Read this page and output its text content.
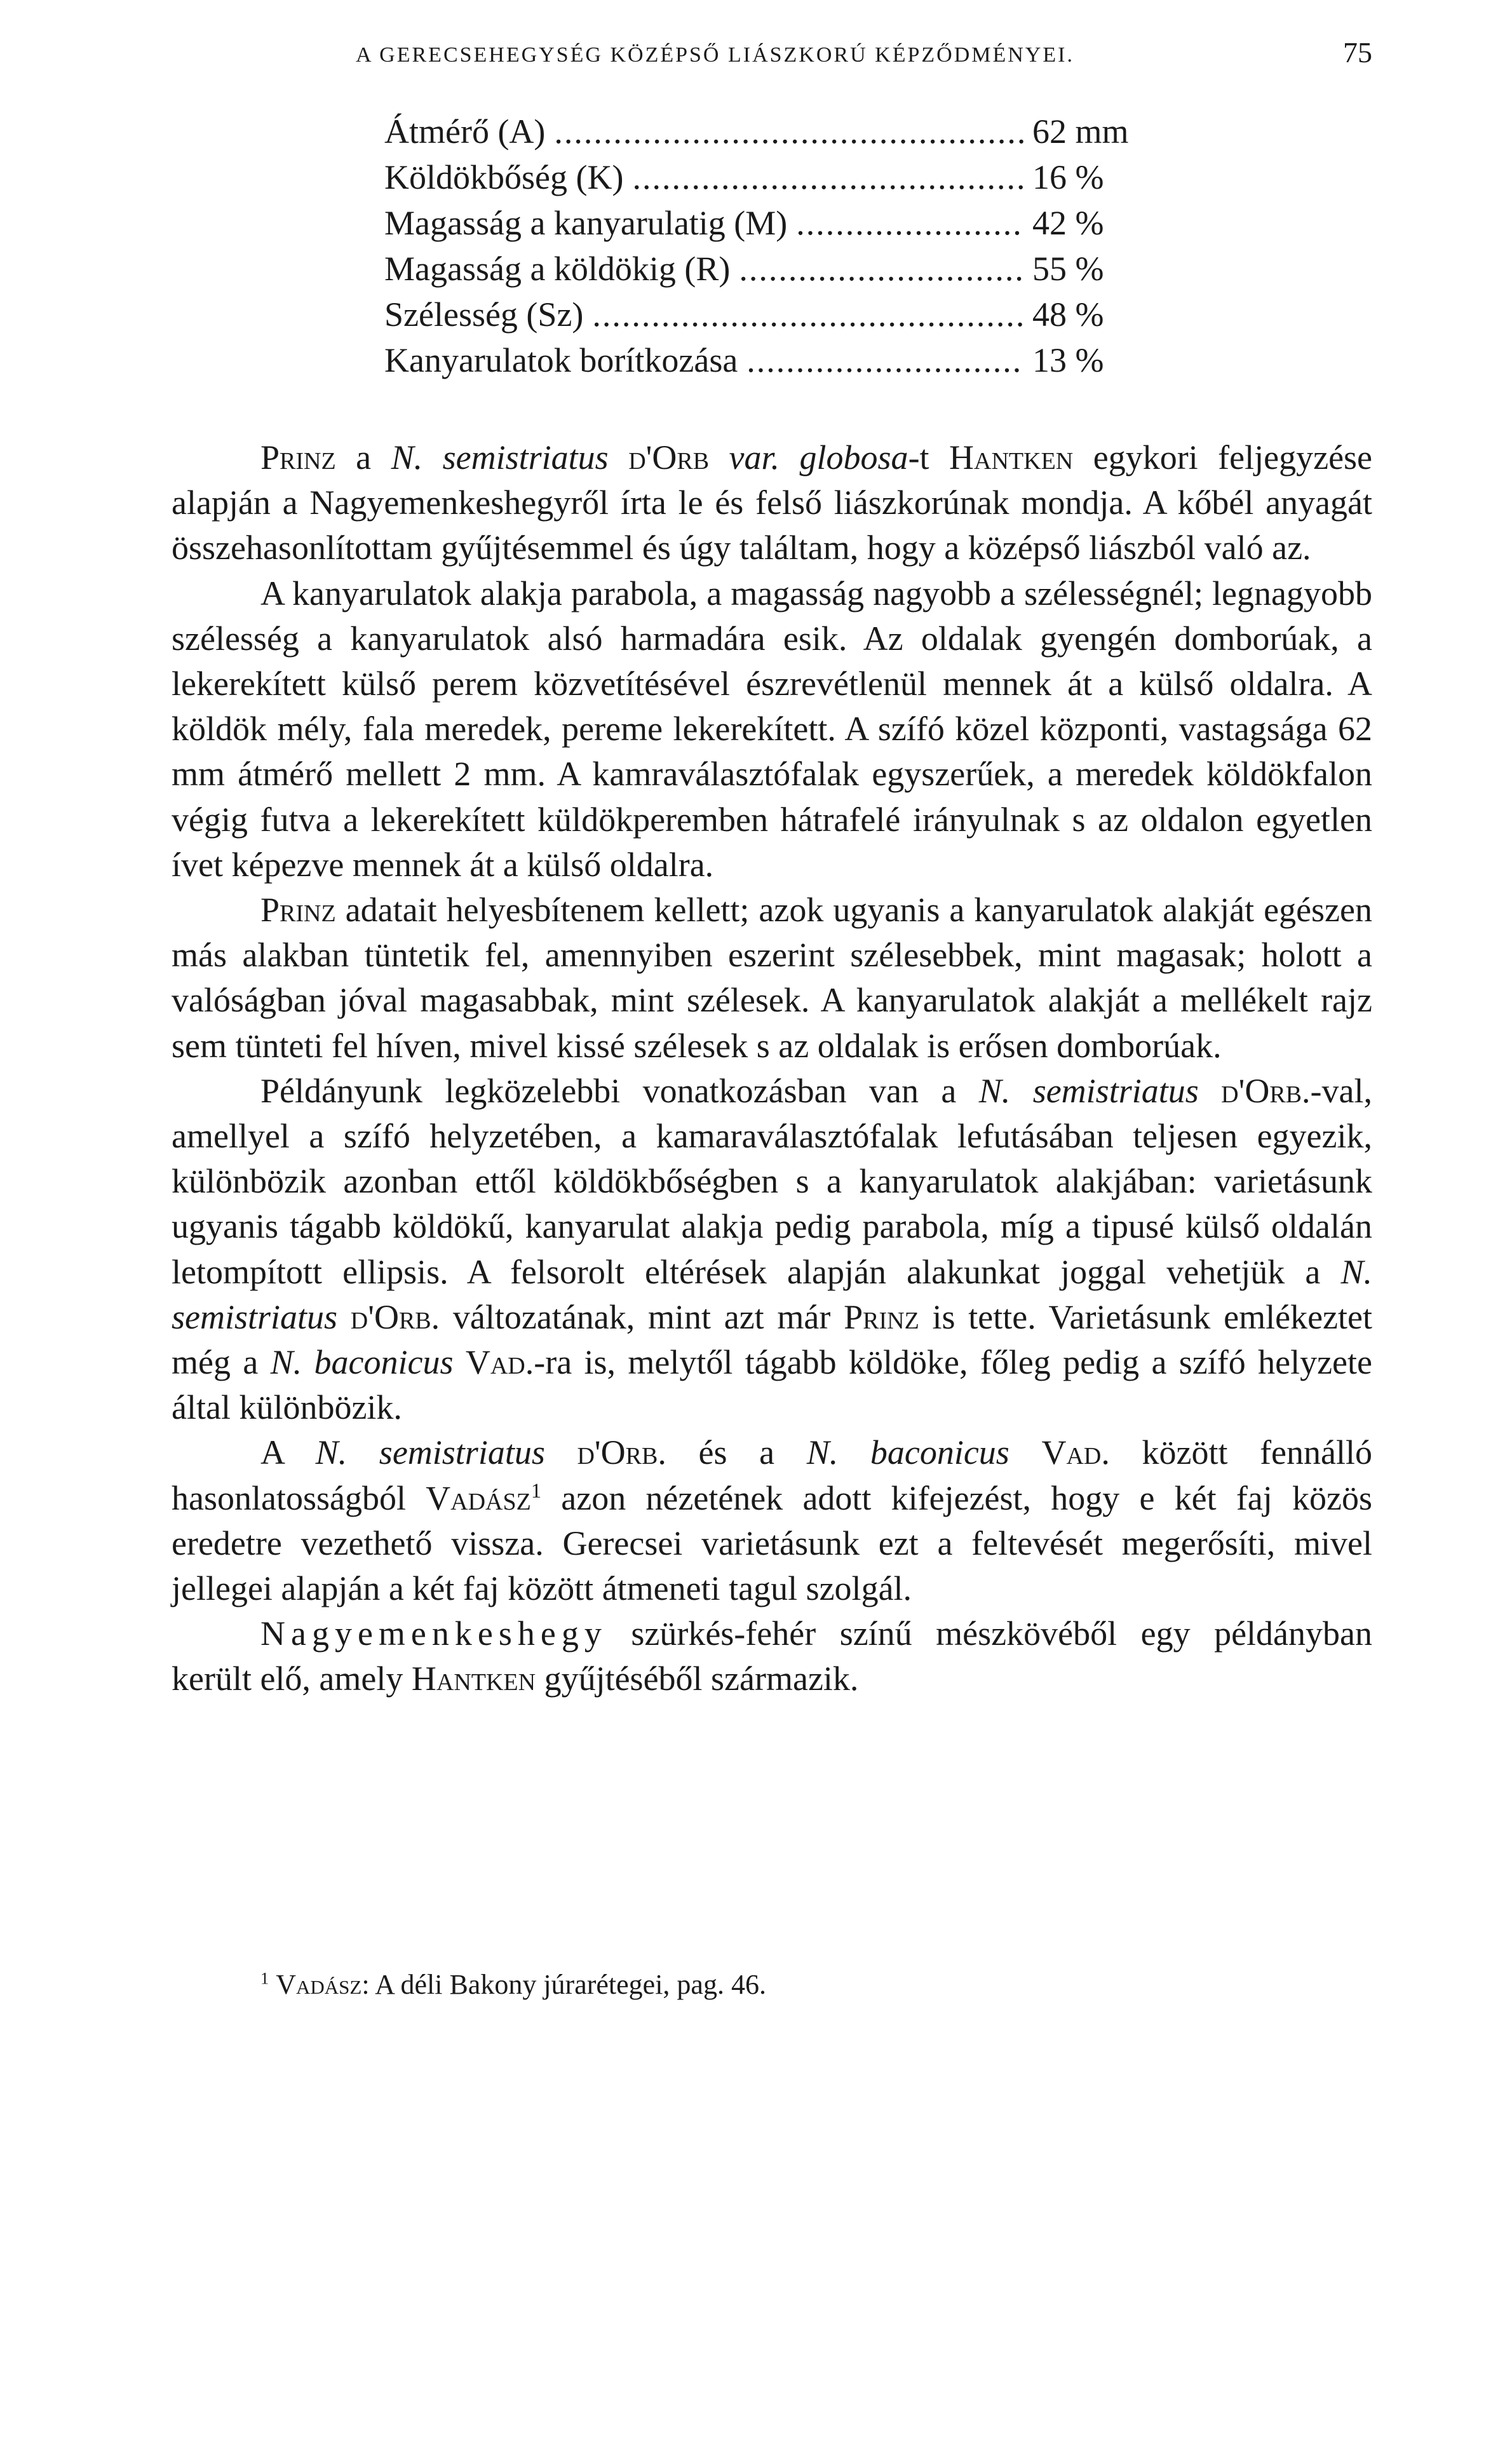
A GERECSEHEGYSÉG KÖZÉPSŐ LIÁSZKORÚ KÉPZŐDMÉNYEI.	75
Átmérő (A) .....	62 mm
Köldökbőség (K) .....	16 %
Magasság a kanyarulatig (M) .....	42 %
Magasság a köldökig (R) .....	55 %
Szélesség (Sz) .....	48 %
Kanyarulatok borítkozása .....	13 %

Prinz a N. semistriatus d'Orb var. globosa-t Hantken egykori feljegyzése alapján a Nagyemenkeshegyről írta le és felső liászkorúnak mondja. A kőbél anyagát összehasonlítottam gyűjtésemmel és úgy találtam, hogy a középső liászból való az.

A kanyarulatok alakja parabola, a magasság nagyobb a szélességnél; legnagyobb szélesség a kanyarulatok alsó harmadára esik. Az oldalak gyengén domborúak, a lekerekített külső perem közvetítésével észrevétlenül mennek át a külső oldalra. A köldök mély, fala meredek, pereme lekerekített. A szífó közel központi, vastagsága 62 mm átmérő mellett 2 mm. A kamraválasztófalak egyszerűek, a meredek köldökfalon végig futva a lekerekített küldökperemben hátrafelé irányulnak s az oldalon egyetlen ívet képezve mennek át a külső oldalra.

Prinz adatait helyesbítenem kellett; azok ugyanis a kanyarulatok alakját egészen más alakban tüntetik fel, amennyiben eszerint szélesebbek, mint magasak; holott a valóságban jóval magasabbak, mint szélesek. A kanyarulatok alakját a mellékelt rajz sem tünteti fel híven, mivel kissé szélesek s az oldalak is erősen domborúak.

Példányunk legközelebbi vonatkozásban van a N. semistriatus d'Orb.-val, amellyel a szífó helyzetében, a kamaraválasztófalak lefutásában teljesen egyezik, különbözik azonban ettől köldökbőségben s a kanyarulatok alakjában: varietásunk ugyanis tágabb köldökű, kanyarulat alakja pedig parabola, míg a tipusé külső oldalán letompított ellipsis. A felsorolt eltérések alapján alakunkat joggal vehetjük a N. semistriatus d'Orb. változatának, mint azt már Prinz is tette. Varietásunk emlékeztet még a N. baconicus Vad.-ra is, melytől tágabb köldöke, főleg pedig a szífó helyzete által különbözik.

A N. semistriatus d'Orb. és a N. baconicus Vad. között fennálló hasonlatosságból Vadász$^1$ azon nézetének adott kifejezést, hogy e két faj közös eredetre vezethető vissza. Gerecsei varietásunk ezt a feltevését megerősíti, mivel jellegei alapján a két faj között átmeneti tagul szolgál.

Nagyemenkeshegy szürkés-fehér színű mészkövéből egy példányban került elő, amely Hantken gyűjtéséből származik.

$^1$ Vadász: A déli Bakony júrarétegei, pag. 46.
